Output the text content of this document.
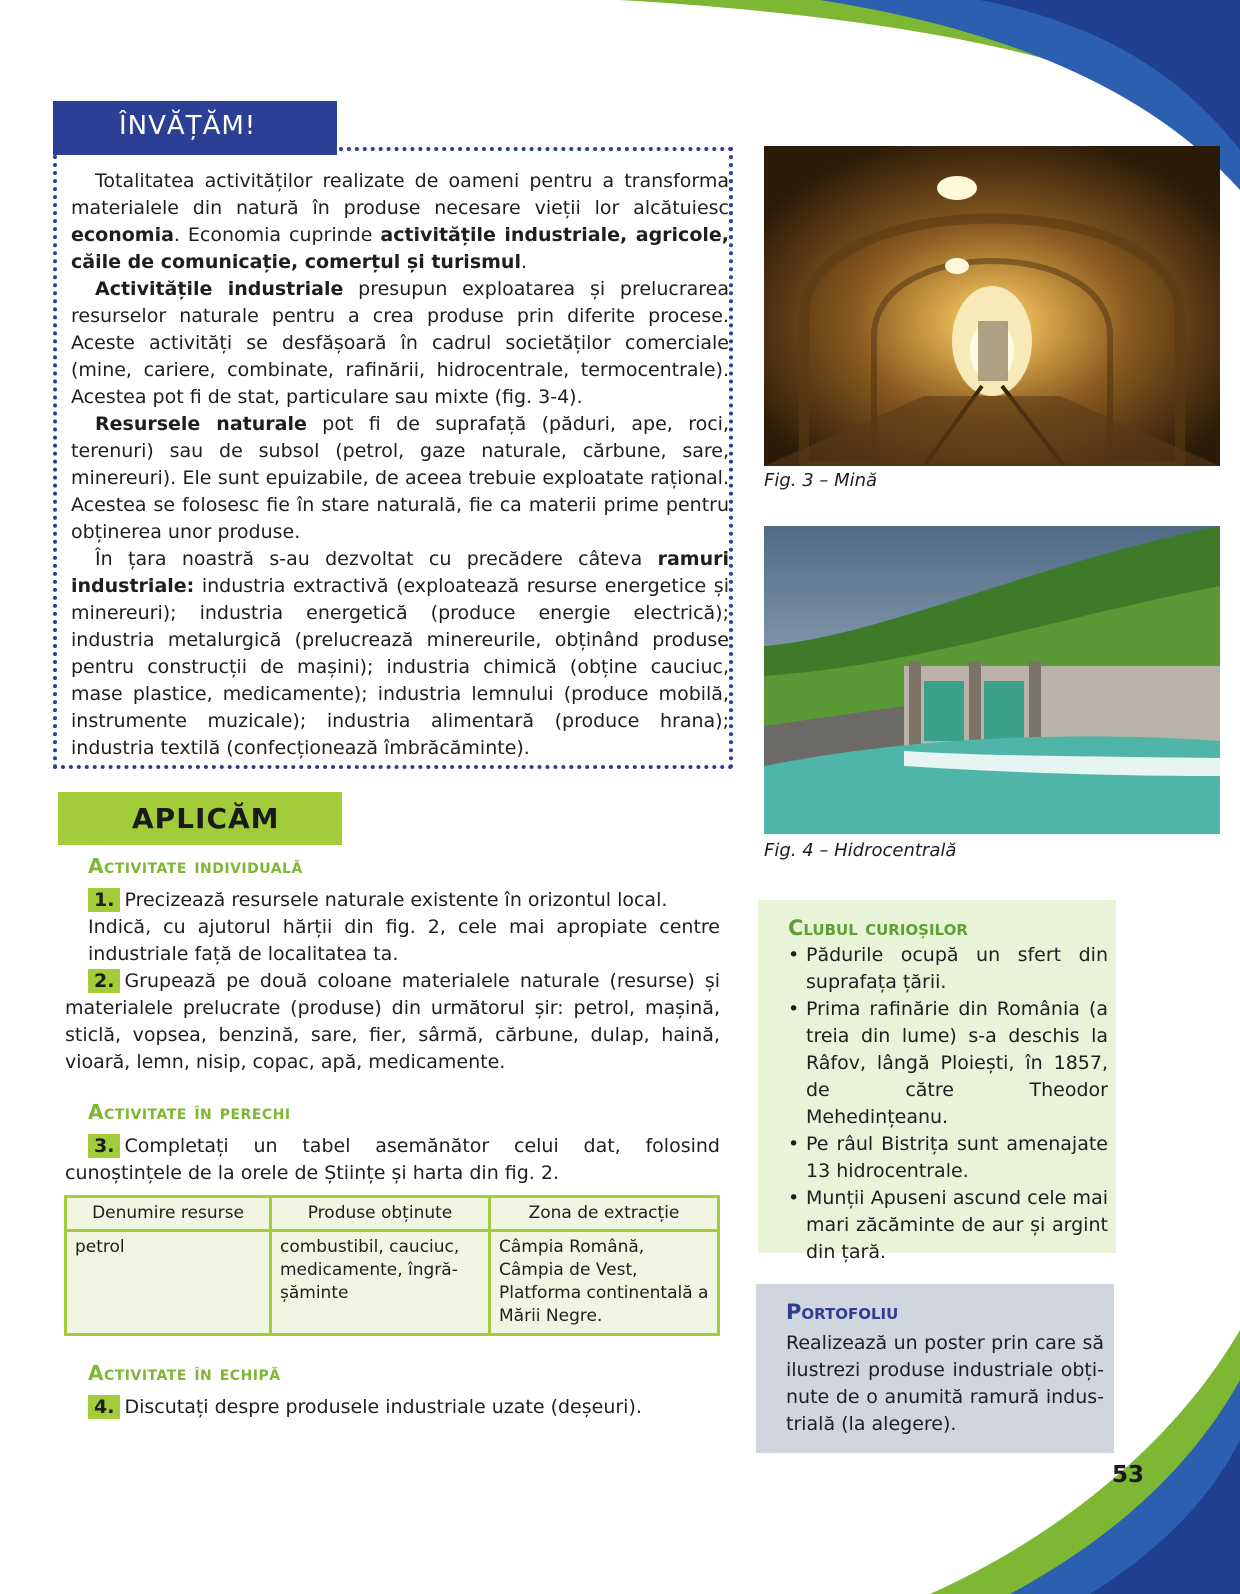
ÎNVĂȚĂM!

Totalitatea activităților realizate de oameni pentru a transforma materialele din natură în produse necesare vieții lor alcătuiesc economia. Economia cuprinde activitățile industriale, agricole, căile de comunicație, comerțul și turismul.

Activitățile industriale presupun exploatarea și prelucrarea resurselor naturale pentru a crea produse prin diferite procese. Aceste activități se desfășoară în cadrul societăților comerciale (mine, cariere, combinate, rafinării, hidrocentrale, termocentrale). Acestea pot fi de stat, particulare sau mixte (fig. 3-4).

Resursele naturale pot fi de suprafață (păduri, ape, roci, terenuri) sau de subsol (petrol, gaze naturale, cărbune, sare, minereuri). Ele sunt epuizabile, de aceea trebuie exploatate rațional. Acestea se folosesc fie în stare naturală, fie ca materii prime pentru obținerea unor produse.

În țara noastră s-au dezvoltat cu precădere câteva ramuri industriale: industria extractivă (exploatează resurse energetice și minereuri); industria energetică (produce energie electrică); industria metalurgică (prelucrează minereurile, obținând produse pentru construcții de mașini); industria chimică (obține cauciuc, mase plastice, medicamente); industria lemnului (produce mobilă, instrumente muzicale); industria alimentară (produce hrana); industria textilă (confecționează îmbrăcăminte).

Fig. 3 – Mină
Fig. 4 – Hidrocentrală
APLICĂM
Activitate individuală
1. Precizează resursele naturale existente în orizontul local.
Indică, cu ajutorul hărții din fig. 2, cele mai apropiate centre industriale față de localitatea ta.
2. Grupează pe două coloane materialele naturale (resurse) și materialele prelucrate (produse) din următorul șir: petrol, mașină, sticlă, vopsea, benzină, sare, fier, sârmă, cărbune, dulap, haină, vioară, lemn, nisip, copac, apă, medicamente.
Activitate în perechi
3. Completați un tabel asemănător celui dat, folosind cunoștințele de la orele de Științe și harta din fig. 2.
Denumire resurse	Produse obținute	Zona de extracție
petrol	combustibil, cauciuc, medicamente, îngră-șăminte	Câmpia Română, Câmpia de Vest, Platforma continentală a Mării Negre.
Activitate în echipă
4. Discutați despre produsele industriale uzate (deșeuri).
Clubul curioșilor
• Pădurile ocupă un sfert din suprafața țării.
• Prima rafinărie din România (a treia din lume) s-a deschis la Râfov, lângă Ploiești, în 1857, de către Theodor Mehedințeanu.
• Pe râul Bistrița sunt amenajate 13 hidrocentrale.
• Munții Apuseni ascund cele mai mari zăcăminte de aur și argint din țară.
Portofoliu
Realizează un poster prin care să ilustrezi produse industriale obți-nute de o anumită ramură indus-trială (la alegere).
53
